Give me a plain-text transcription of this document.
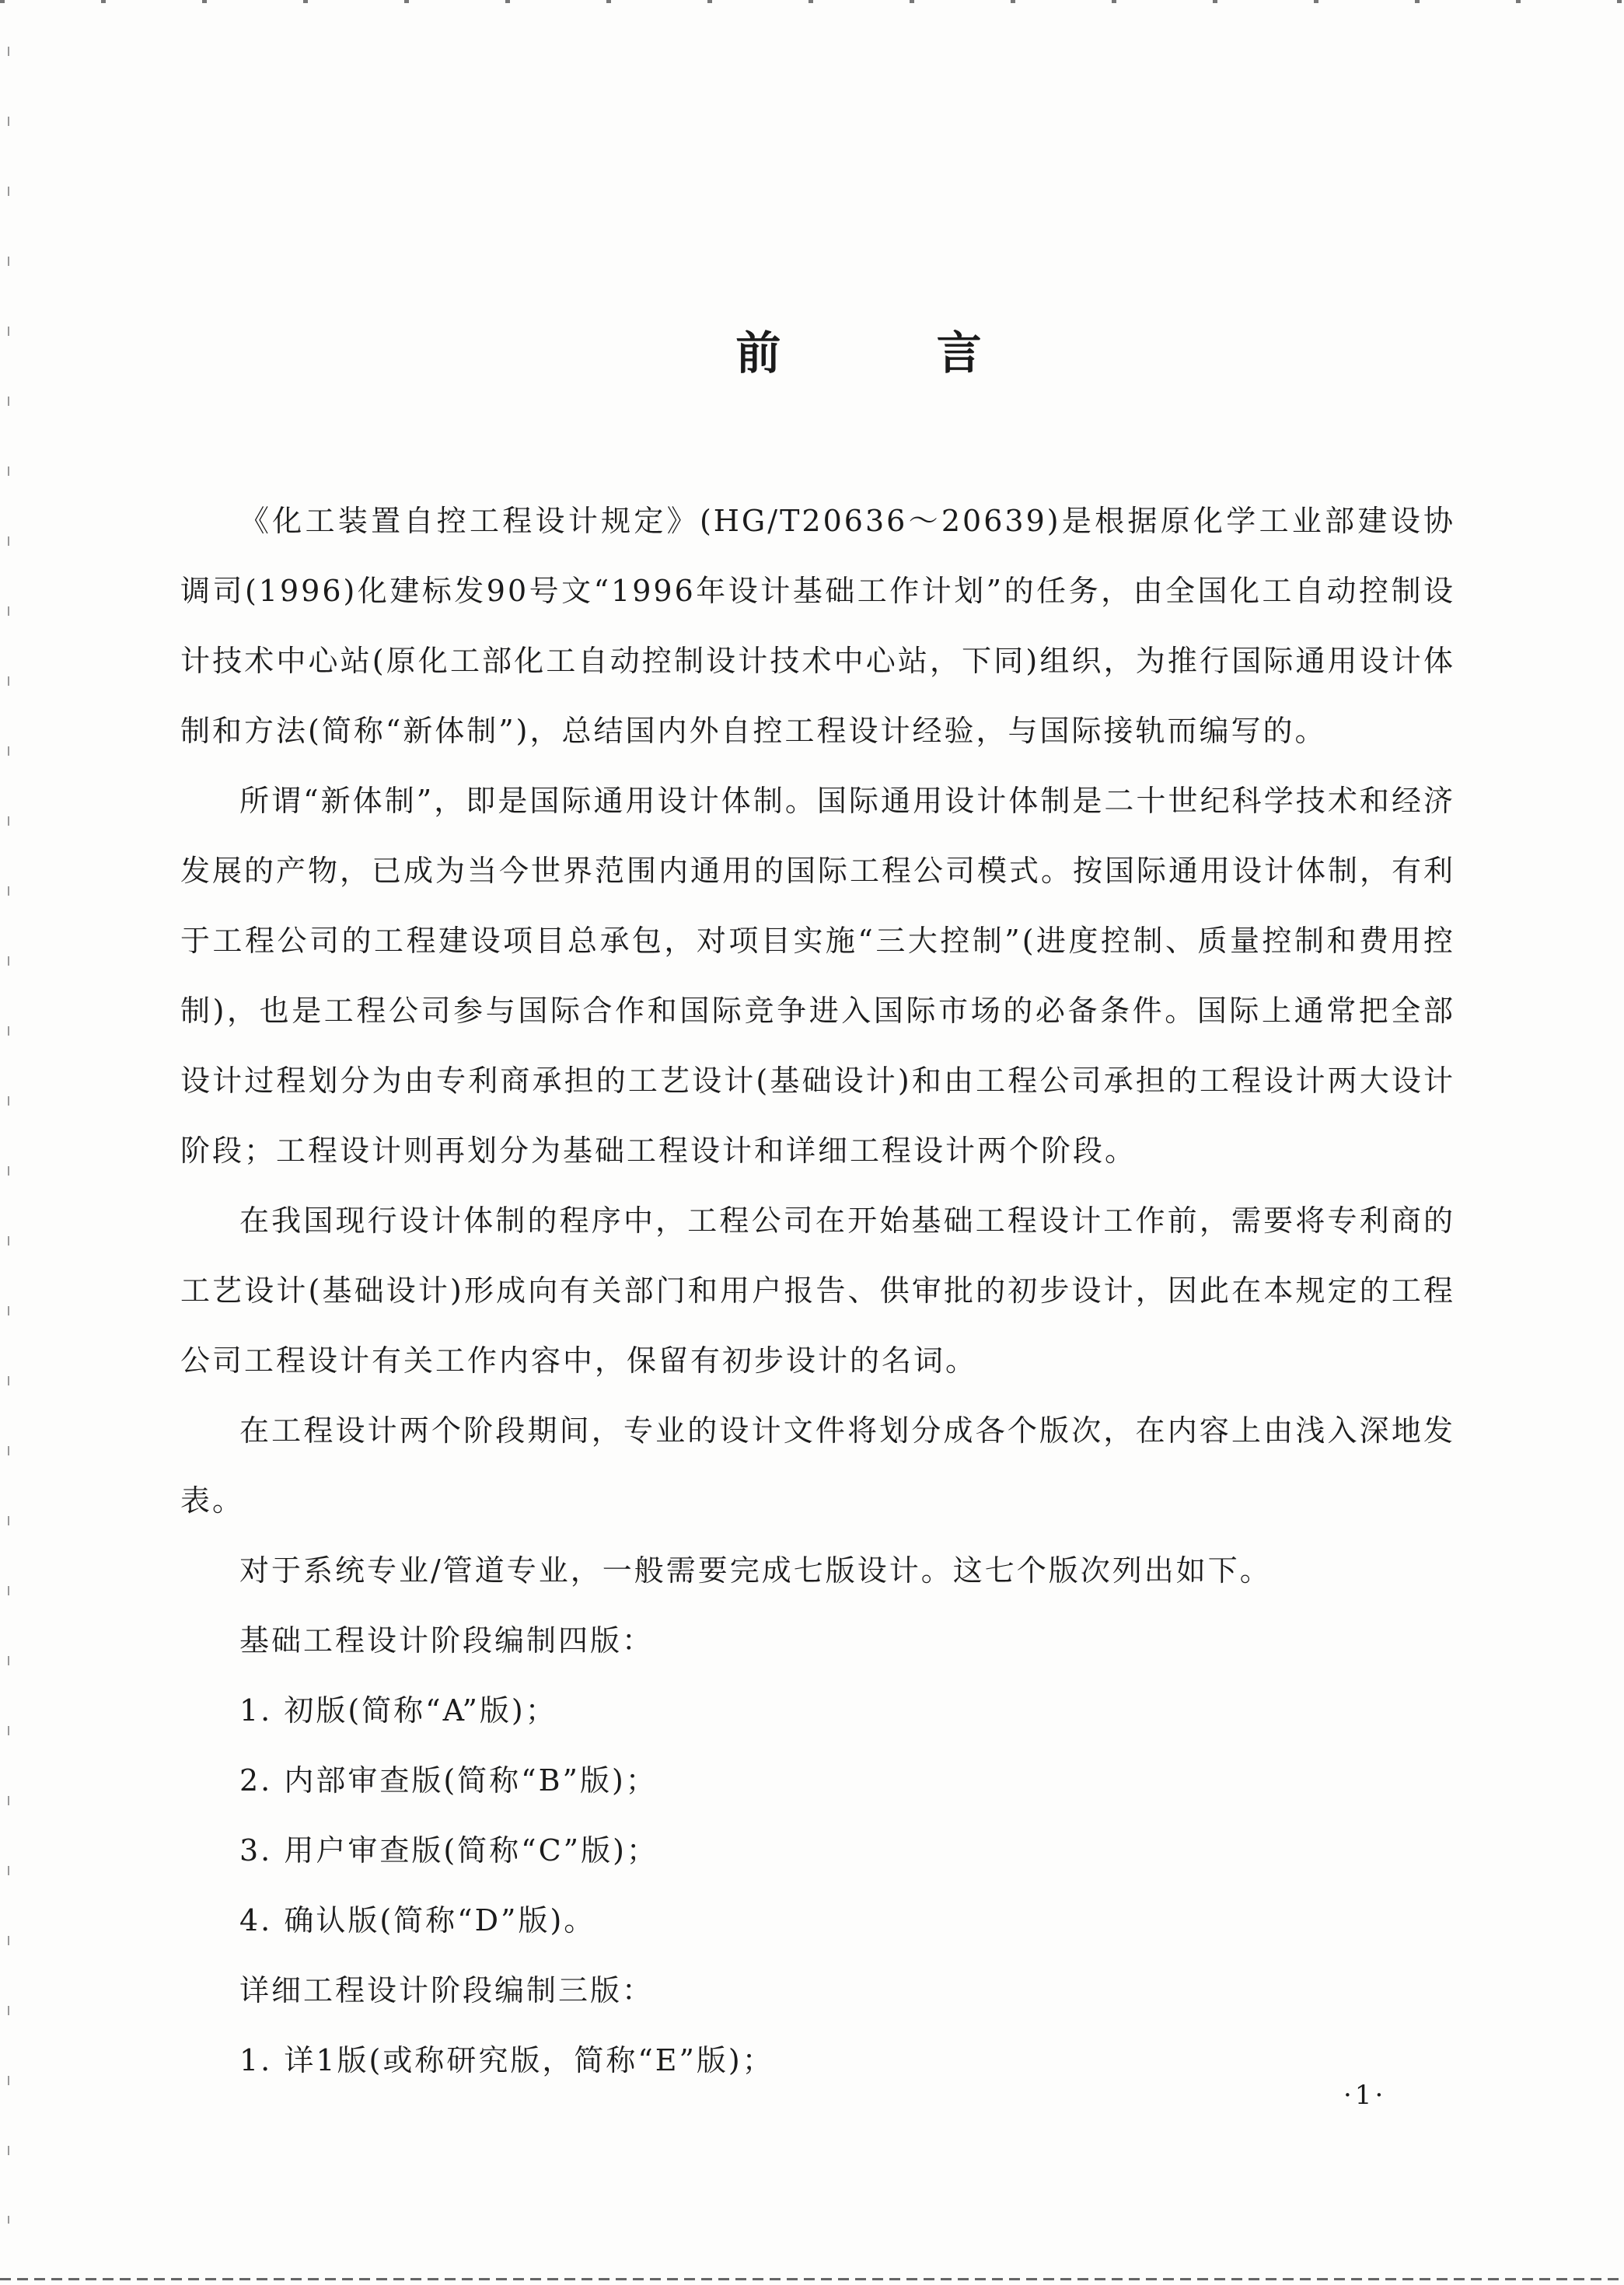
前 言

《化工装置自控工程设计规定》(HG/T20636～20639)是根据原化学工业部建设协调司(1996)化建标发90号文“1996年设计基础工作计划”的任务，由全国化工自动控制设计技术中心站(原化工部化工自动控制设计技术中心站，下同)组织，为推行国际通用设计体制和方法(简称“新体制”)，总结国内外自控工程设计经验，与国际接轨而编写的。

所谓“新体制”，即是国际通用设计体制。国际通用设计体制是二十世纪科学技术和经济发展的产物，已成为当今世界范围内通用的国际工程公司模式。按国际通用设计体制，有利于工程公司的工程建设项目总承包，对项目实施“三大控制”(进度控制、质量控制和费用控制)，也是工程公司参与国际合作和国际竞争进入国际市场的必备条件。国际上通常把全部设计过程划分为由专利商承担的工艺设计(基础设计)和由工程公司承担的工程设计两大设计阶段；工程设计则再划分为基础工程设计和详细工程设计两个阶段。

在我国现行设计体制的程序中，工程公司在开始基础工程设计工作前，需要将专利商的工艺设计(基础设计)形成向有关部门和用户报告、供审批的初步设计，因此在本规定的工程公司工程设计有关工作内容中，保留有初步设计的名词。

在工程设计两个阶段期间，专业的设计文件将划分成各个版次，在内容上由浅入深地发表。

对于系统专业/管道专业，一般需要完成七版设计。这七个版次列出如下。

基础工程设计阶段编制四版：

1. 初版(简称“A”版)；

2. 内部审查版(简称“B”版)；

3. 用户审查版(简称“C”版)；

4. 确认版(简称“D”版)。

详细工程设计阶段编制三版：

1. 详1版(或称研究版，简称“E”版)；

·1·
